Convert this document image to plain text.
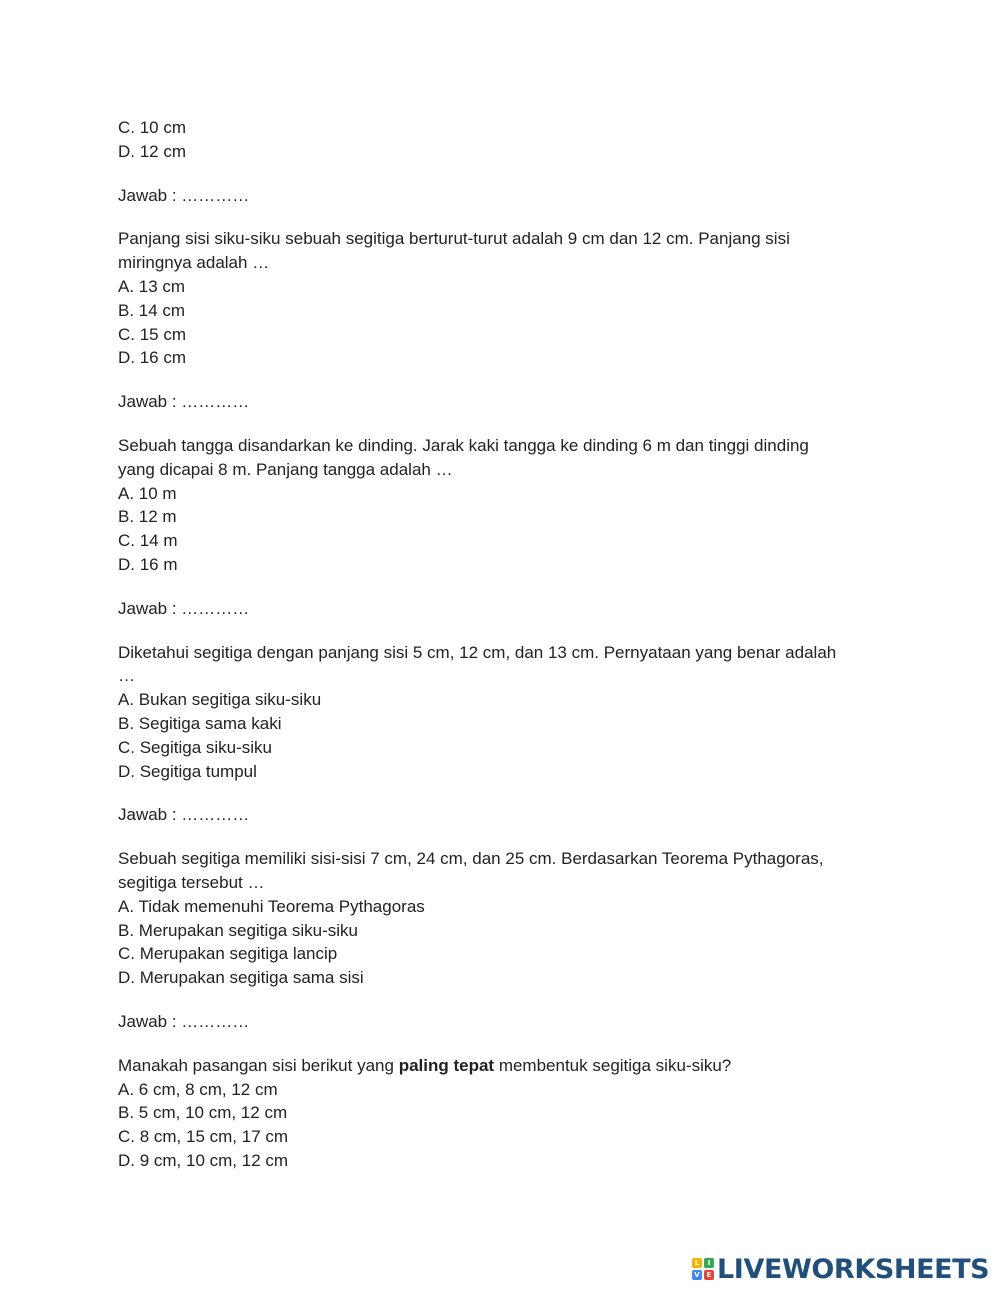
C. 10 cm

D. 12 cm

Jawab : …………

Panjang sisi siku-siku sebuah segitiga berturut-turut adalah 9 cm dan 12 cm. Panjang sisi

miringnya adalah …

A. 13 cm

B. 14 cm

C. 15 cm

D. 16 cm

Jawab : …………

Sebuah tangga disandarkan ke dinding. Jarak kaki tangga ke dinding 6 m dan tinggi dinding

yang dicapai 8 m. Panjang tangga adalah …

A. 10 m

B. 12 m

C. 14 m

D. 16 m

Jawab : …………

Diketahui segitiga dengan panjang sisi 5 cm, 12 cm, dan 13 cm. Pernyataan yang benar adalah

…

A. Bukan segitiga siku-siku

B. Segitiga sama kaki

C. Segitiga siku-siku

D. Segitiga tumpul

Jawab : …………

Sebuah segitiga memiliki sisi-sisi 7 cm, 24 cm, dan 25 cm. Berdasarkan Teorema Pythagoras,

segitiga tersebut …

A. Tidak memenuhi Teorema Pythagoras

B. Merupakan segitiga siku-siku

C. Merupakan segitiga lancip

D. Merupakan segitiga sama sisi

Jawab : …………

Manakah pasangan sisi berikut yang paling tepat membentuk segitiga siku-siku?

A. 6 cm, 8 cm, 12 cm

B. 5 cm, 10 cm, 12 cm

C. 8 cm, 15 cm, 17 cm

D. 9 cm, 10 cm, 12 cm

L	I
V E LIVEWORKSHEETS
